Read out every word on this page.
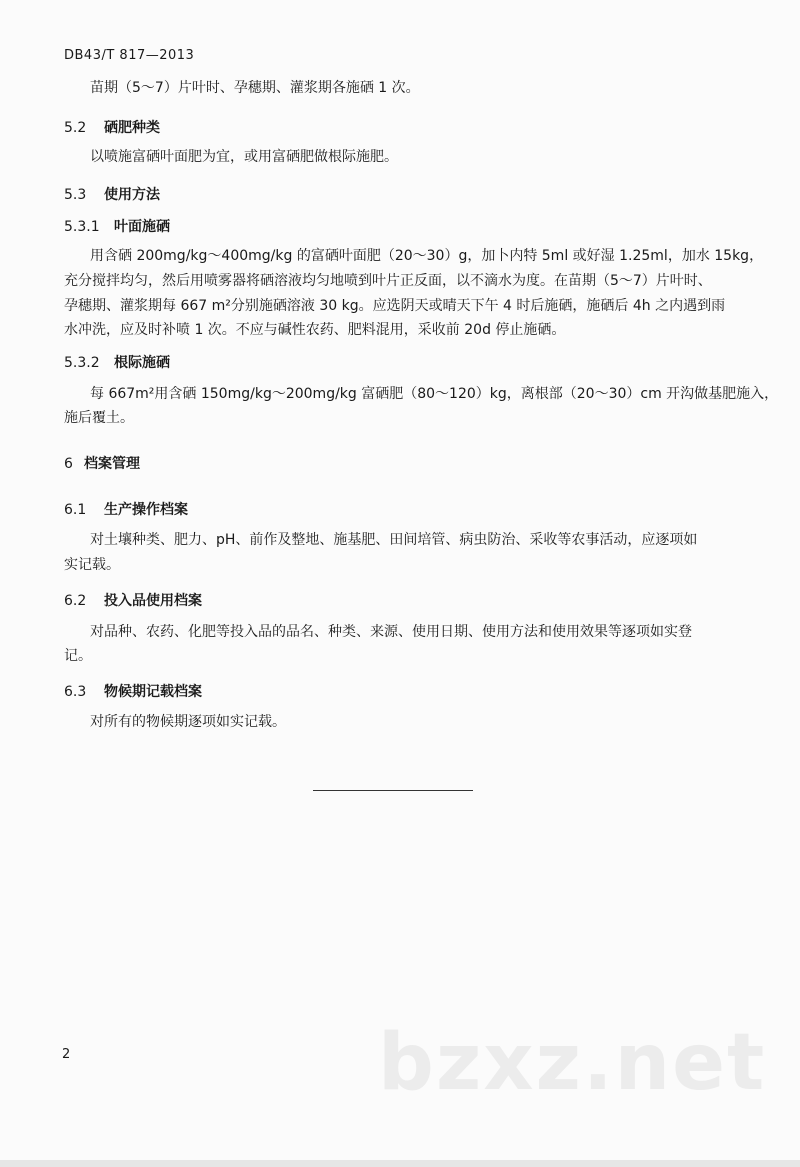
DB43/T 817—2013
苗期（5～7）片叶时、孕穗期、灌浆期各施硒 1 次。
5.2 硒肥种类
以喷施富硒叶面肥为宜，或用富硒肥做根际施肥。
5.3 使用方法
5.3.1 叶面施硒
用含硒 200mg/kg～400mg/kg 的富硒叶面肥（20～30）g，加卜内特 5ml 或好湿 1.25ml，加水 15kg，
充分搅拌均匀，然后用喷雾器将硒溶液均匀地喷到叶片正反面，以不滴水为度。在苗期（5～7）片叶时、
孕穗期、灌浆期每 667 m²分别施硒溶液 30 kg。应选阴天或晴天下午 4 时后施硒，施硒后 4h 之内遇到雨
水冲洗，应及时补喷 1 次。不应与碱性农药、肥料混用，采收前 20d 停止施硒。
5.3.2 根际施硒
每 667m²用含硒 150mg/kg～200mg/kg 富硒肥（80～120）kg，离根部（20～30）cm 开沟做基肥施入，
施后覆土。
6 档案管理
6.1 生产操作档案
对土壤种类、肥力、pH、前作及整地、施基肥、田间培管、病虫防治、采收等农事活动，应逐项如
实记载。
6.2 投入品使用档案
对品种、农药、化肥等投入品的品名、种类、来源、使用日期、使用方法和使用效果等逐项如实登
记。
6.3 物候期记载档案
对所有的物候期逐项如实记载。
2	bzxz.net
